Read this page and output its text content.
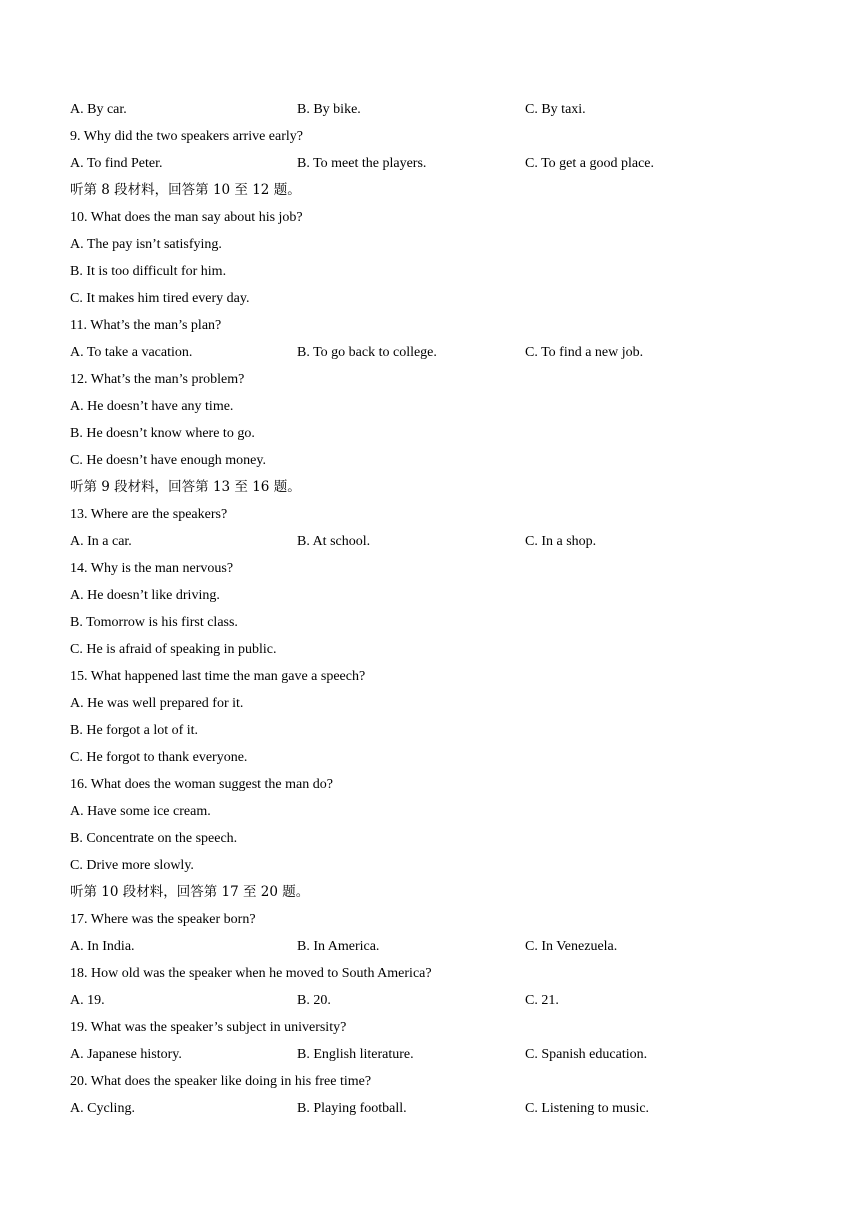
A. By car.	B. By bike.	C. By taxi.
9. Why did the two speakers arrive early?
A. To find Peter.	B. To meet the players.	C. To get a good place.
听第 8 段材料，回答第 10 至 12 题。
10. What does the man say about his job?
A. The pay isn’t satisfying.
B. It is too difficult for him.
C. It makes him tired every day.
11. What’s the man’s plan?
A. To take a vacation.	B. To go back to college.	C. To find a new job.
12. What’s the man’s problem?
A. He doesn’t have any time.
B. He doesn’t know where to go.
C. He doesn’t have enough money.
听第 9 段材料，回答第 13 至 16 题。
13. Where are the speakers?
A. In a car.	B. At school.	C. In a shop.
14. Why is the man nervous?
A. He doesn’t like driving.
B. Tomorrow is his first class.
C. He is afraid of speaking in public.
15. What happened last time the man gave a speech?
A. He was well prepared for it.
B. He forgot a lot of it.
C. He forgot to thank everyone.
16. What does the woman suggest the man do?
A. Have some ice cream.
B. Concentrate on the speech.
C. Drive more slowly.
听第 10 段材料，回答第 17 至 20 题。
17. Where was the speaker born?
A. In India.	B. In America.	C. In Venezuela.
18. How old was the speaker when he moved to South America?
A. 19.	B. 20.	C. 21.
19. What was the speaker’s subject in university?
A. Japanese history.	B. English literature.	C. Spanish education.
20. What does the speaker like doing in his free time?
A. Cycling.	B. Playing football.	C. Listening to music.
